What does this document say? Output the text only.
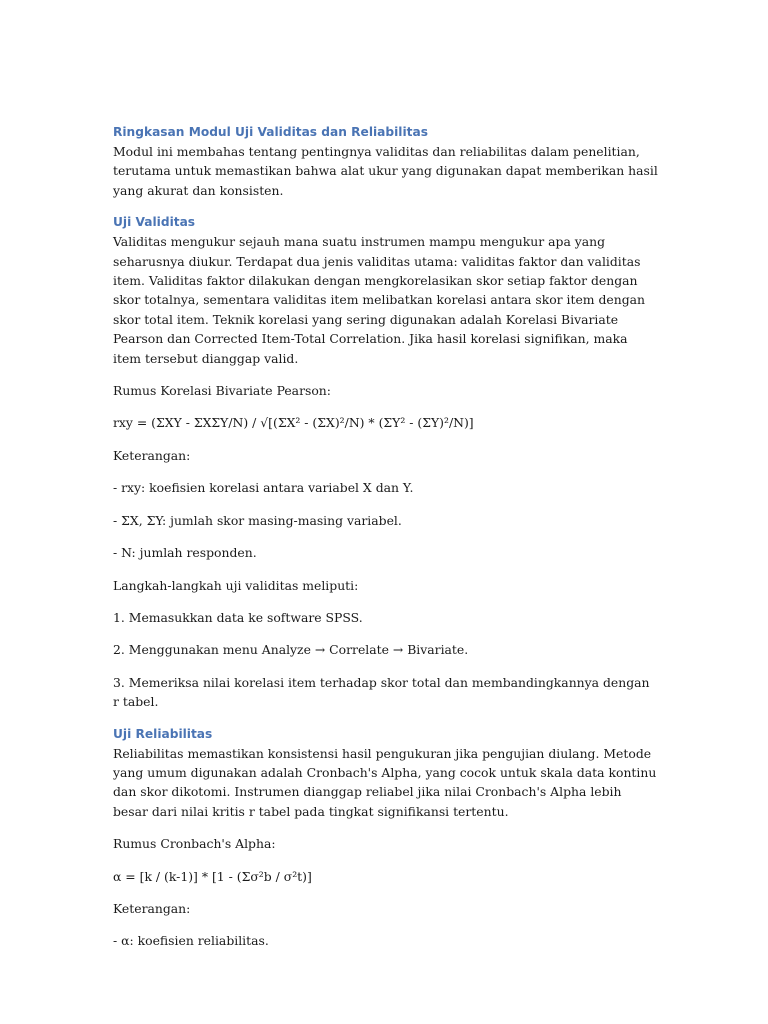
Ringkasan Modul Uji Validitas dan Reliabilitas

Modul ini membahas tentang pentingnya validitas dan reliabilitas dalam penelitian, terutama untuk memastikan bahwa alat ukur yang digunakan dapat memberikan hasil yang akurat dan konsisten.

Uji Validitas

Validitas mengukur sejauh mana suatu instrumen mampu mengukur apa yang seharusnya diukur. Terdapat dua jenis validitas utama: validitas faktor dan validitas item. Validitas faktor dilakukan dengan mengkorelasikan skor setiap faktor dengan skor totalnya, sementara validitas item melibatkan korelasi antara skor item dengan skor total item. Teknik korelasi yang sering digunakan adalah Korelasi Bivariate Pearson dan Corrected Item-Total Correlation. Jika hasil korelasi signifikan, maka item tersebut dianggap valid.

Rumus Korelasi Bivariate Pearson:

rxy = (ΣXY - ΣXΣY/N) / √[(ΣX² - (ΣX)²/N) * (ΣY² - (ΣY)²/N)]

Keterangan:

- rxy: koefisien korelasi antara variabel X dan Y.

- ΣX, ΣY: jumlah skor masing-masing variabel.

- N: jumlah responden.

Langkah-langkah uji validitas meliputi:

1. Memasukkan data ke software SPSS.

2. Menggunakan menu Analyze → Correlate → Bivariate.

3. Memeriksa nilai korelasi item terhadap skor total dan membandingkannya dengan r tabel.

Uji Reliabilitas

Reliabilitas memastikan konsistensi hasil pengukuran jika pengujian diulang. Metode yang umum digunakan adalah Cronbach's Alpha, yang cocok untuk skala data kontinu dan skor dikotomi. Instrumen dianggap reliabel jika nilai Cronbach's Alpha lebih besar dari nilai kritis r tabel pada tingkat signifikansi tertentu.

Rumus Cronbach's Alpha:

α = [k / (k-1)] * [1 - (Σσ²b / σ²t)]

Keterangan:

- α: koefisien reliabilitas.
